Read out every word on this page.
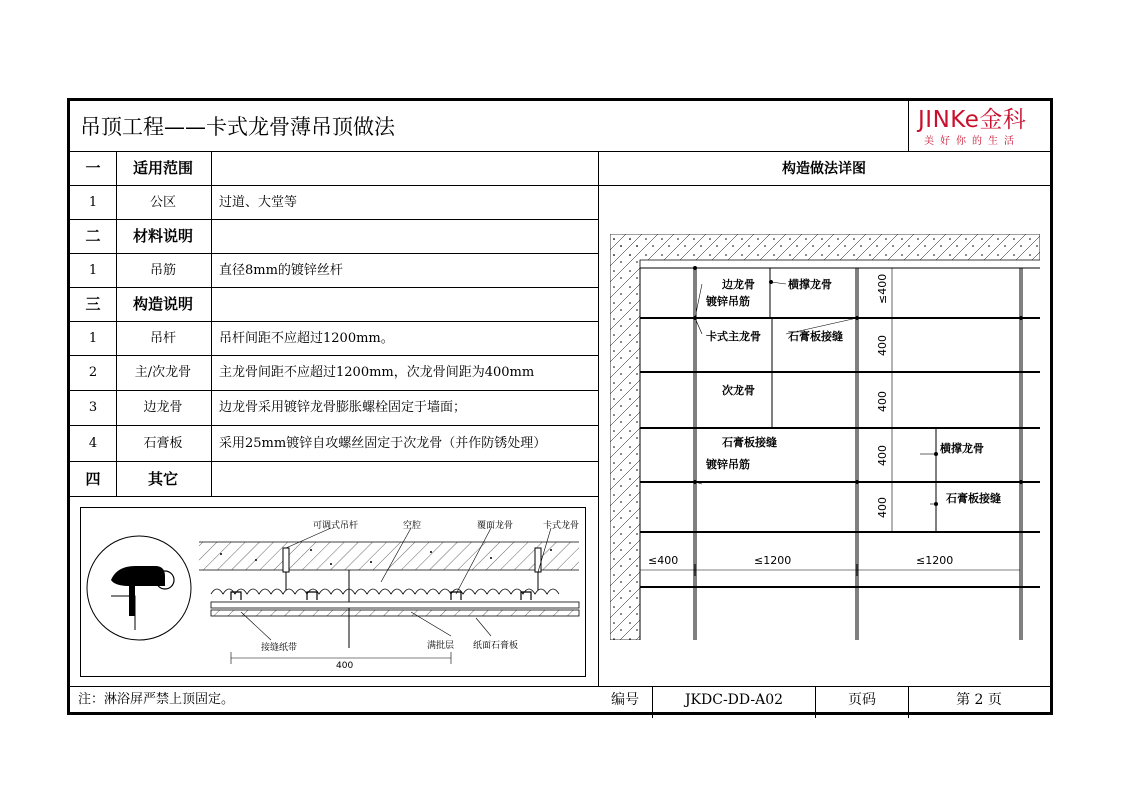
吊顶工程——卡式龙骨薄吊顶做法	JINKe金科
美好你的生活
一 适用范围	构造做法详图
1	公区	过道、大堂等
二 材料说明
1	吊筋	直径8mm的镀锌丝杆
三 构造说明
1	吊杆	吊杆间距不应超过1200mm。
2	主/次龙骨 主龙骨间距不应超过1200mm，次龙骨间距为400mm
3	边龙骨	边龙骨采用镀锌龙骨膨胀螺栓固定于墙面；
4	石膏板	采用25mm镀锌自攻螺丝固定于次龙骨（并作防锈处理）
四	其它
可调式吊杆	空腔	覆面龙骨	卡式龙骨
接缝纸带	满批层 纸面石膏板
400
边龙骨
镀锌吊筋
横撑龙骨
卡式主龙骨 石膏板接缝
次龙骨
石膏板接缝
镀锌吊筋
横撑龙骨
石膏板接缝
≤400
400
400
400
400
≤400	≤1200	≤1200
注：淋浴屏严禁上顶固定。	编号	JKDC-DD-A02	页码	第 2 页
